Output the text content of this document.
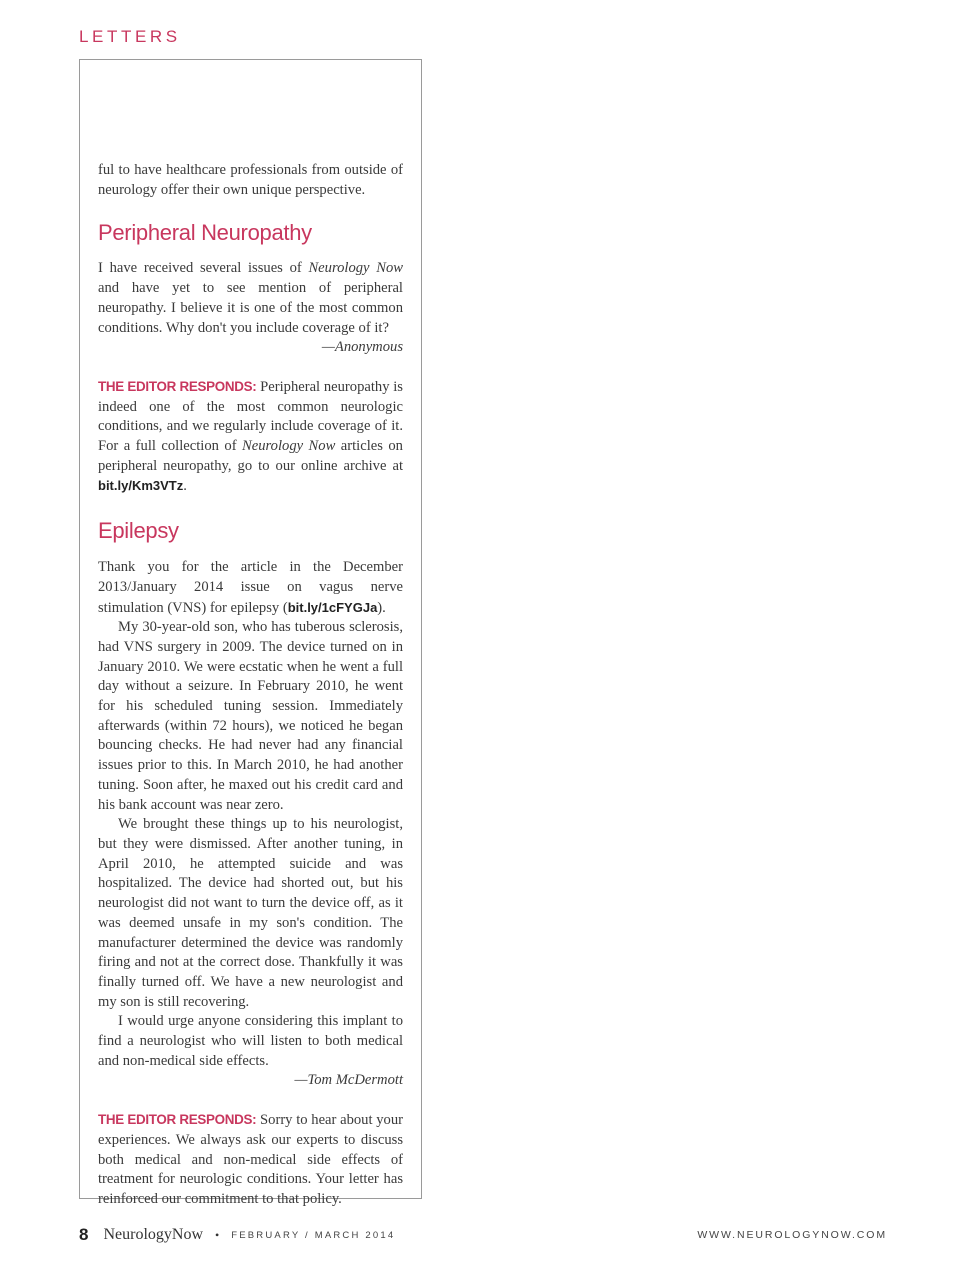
LETTERS

ful to have healthcare professionals from outside of neurology offer their own unique perspective.

Peripheral Neuropathy

I have received several issues of Neurology Now and have yet to see mention of peripheral neuropathy. I believe it is one of the most common conditions. Why don't you include coverage of it?

—Anonymous

THE EDITOR RESPONDS: Peripheral neuropathy is indeed one of the most common neurologic conditions, and we regularly include coverage of it. For a full collection of Neurology Now articles on peripheral neuropathy, go to our online archive at bit.ly/Km3VTz.

Epilepsy

Thank you for the article in the December 2013/January 2014 issue on vagus nerve stimulation (VNS) for epilepsy (bit.ly/1cFYGJa).

My 30-year-old son, who has tuberous sclerosis, had VNS surgery in 2009. The device turned on in January 2010. We were ecstatic when he went a full day without a seizure. In February 2010, he went for his scheduled tuning session. Immediately afterwards (within 72 hours), we noticed he began bouncing checks. He had never had any financial issues prior to this. In March 2010, he had another tuning. Soon after, he maxed out his credit card and his bank account was near zero.

We brought these things up to his neurologist, but they were dismissed. After another tuning, in April 2010, he attempted suicide and was hospitalized. The device had shorted out, but his neurologist did not want to turn the device off, as it was deemed unsafe in my son's condition. The manufacturer determined the device was randomly firing and not at the correct dose. Thankfully it was finally turned off. We have a new neurologist and my son is still recovering.

I would urge anyone considering this implant to find a neurologist who will listen to both medical and non-medical side effects.

—Tom McDermott

THE EDITOR RESPONDS: Sorry to hear about your experiences. We always ask our experts to discuss both medical and non-medical side effects of treatment for neurologic conditions. Your letter has reinforced our commitment to that policy.

8 NeurologyNow • FEBRUARY / MARCH 2014	WWW.NEUROLOGYNOW.COM
